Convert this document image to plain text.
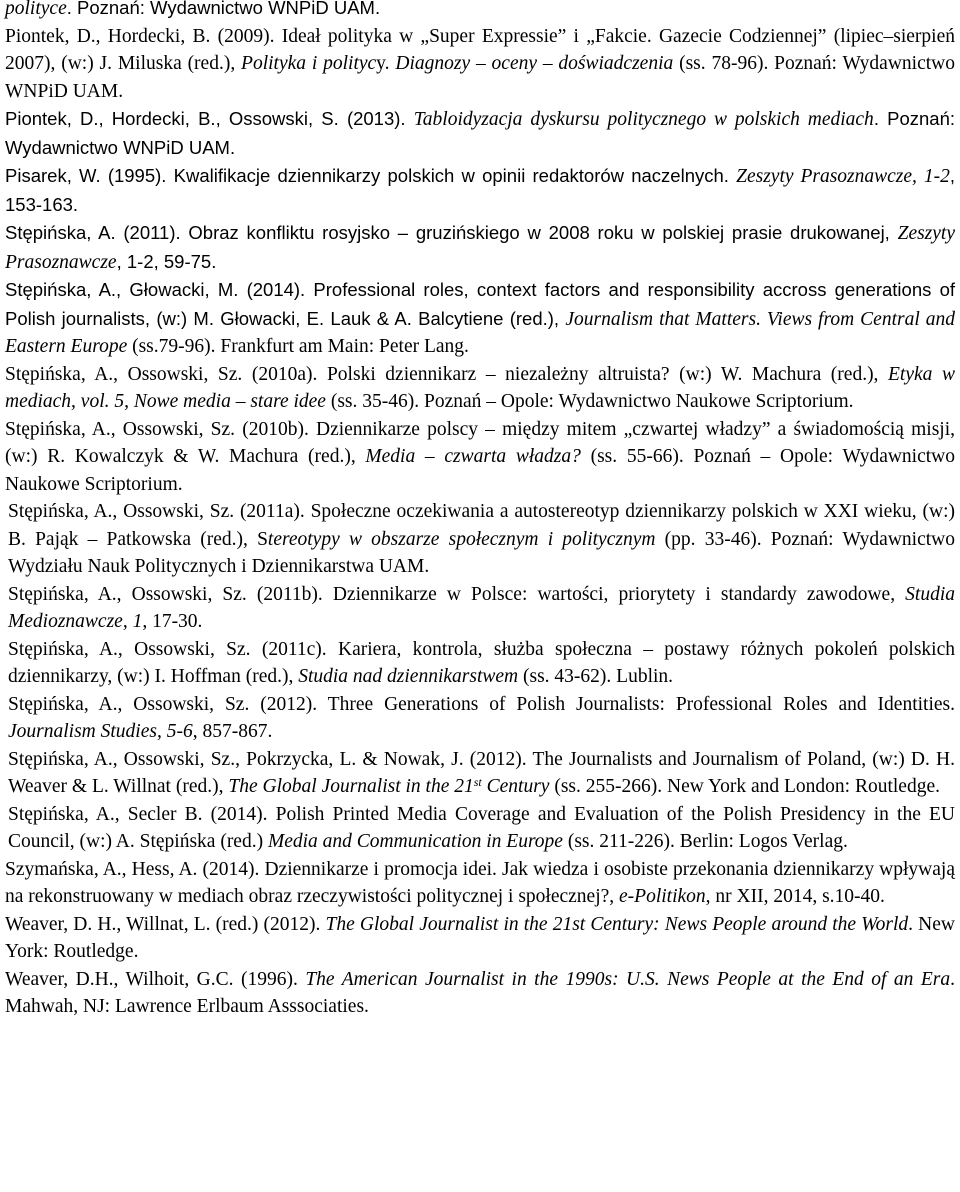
polityce. Poznań: Wydawnictwo WNPiD UAM.

Piontek, D., Hordecki, B. (2009). Ideał polityka w „Super Expressie” i „Fakcie. Gazecie Codziennej” (lipiec–sierpień 2007), (w:) J. Miluska (red.), Polityka i politycy. Diagnozy – oceny – doświadczenia (ss. 78-96). Poznań: Wydawnictwo WNPiD UAM.

Piontek, D., Hordecki, B., Ossowski, S. (2013). Tabloidyzacja dyskursu politycznego w polskich mediach. Poznań: Wydawnictwo WNPiD UAM.

Pisarek, W. (1995). Kwalifikacje dziennikarzy polskich w opinii redaktorów naczelnych. Zeszyty Prasoznawcze, 1-2, 153-163.

Stępińska, A. (2011). Obraz konfliktu rosyjsko – gruzińskiego w 2008 roku w polskiej prasie drukowanej, Zeszyty Prasoznawcze, 1-2, 59-75.

Stępińska, A., Głowacki, M. (2014). Professional roles, context factors and responsibility accross generations of Polish journalists, (w:) M. Głowacki, E. Lauk & A. Balcytiene (red.), Journalism that Matters. Views from Central and Eastern Europe (ss.79-96). Frankfurt am Main: Peter Lang.

Stępińska, A., Ossowski, Sz. (2010a). Polski dziennikarz – niezależny altruista? (w:) W. Machura (red.), Etyka w mediach, vol. 5, Nowe media – stare idee (ss. 35-46). Poznań – Opole: Wydawnictwo Naukowe Scriptorium.

Stępińska, A., Ossowski, Sz. (2010b). Dziennikarze polscy – między mitem „czwartej władzy” a świadomością misji, (w:) R. Kowalczyk & W. Machura (red.), Media – czwarta władza? (ss. 55-66). Poznań – Opole: Wydawnictwo Naukowe Scriptorium.

Stępińska, A., Ossowski, Sz. (2011a). Społeczne oczekiwania a autostereotyp dziennikarzy polskich w XXI wieku, (w:) B. Pająk – Patkowska (red.), Stereotypy w obszarze społecznym i politycznym (pp. 33-46). Poznań: Wydawnictwo Wydziału Nauk Politycznych i Dziennikarstwa UAM.

Stępińska, A., Ossowski, Sz. (2011b). Dziennikarze w Polsce: wartości, priorytety i standardy zawodowe, Studia Medioznawcze, 1, 17-30.

Stępińska, A., Ossowski, Sz. (2011c). Kariera, kontrola, służba społeczna – postawy różnych pokoleń polskich dziennikarzy, (w:) I. Hoffman (red.), Studia nad dziennikarstwem (ss. 43-62). Lublin.

Stępińska, A., Ossowski, Sz. (2012). Three Generations of Polish Journalists: Professional Roles and Identities. Journalism Studies, 5-6, 857-867.

Stępińska, A., Ossowski, Sz., Pokrzycka, L. & Nowak, J. (2012). The Journalists and Journalism of Poland, (w:) D. H. Weaver & L. Willnat (red.), The Global Journalist in the 21st Century (ss. 255-266). New York and London: Routledge.

Stępińska, A., Secler B. (2014). Polish Printed Media Coverage and Evaluation of the Polish Presidency in the EU Council, (w:) A. Stępińska (red.) Media and Communication in Europe (ss. 211-226). Berlin: Logos Verlag.

Szymańska, A., Hess, A. (2014). Dziennikarze i promocja idei. Jak wiedza i osobiste przekonania dziennikarzy wpływają na rekonstruowany w mediach obraz rzeczywistości politycznej i społecznej?, e-Politikon, nr XII, 2014, s.10-40.

Weaver, D. H., Willnat, L. (red.) (2012). The Global Journalist in the 21st Century: News People around the World. New York: Routledge.

Weaver, D.H., Wilhoit, G.C. (1996). The American Journalist in the 1990s: U.S. News People at the End of an Era. Mahwah, NJ: Lawrence Erlbaum Asssociaties.
